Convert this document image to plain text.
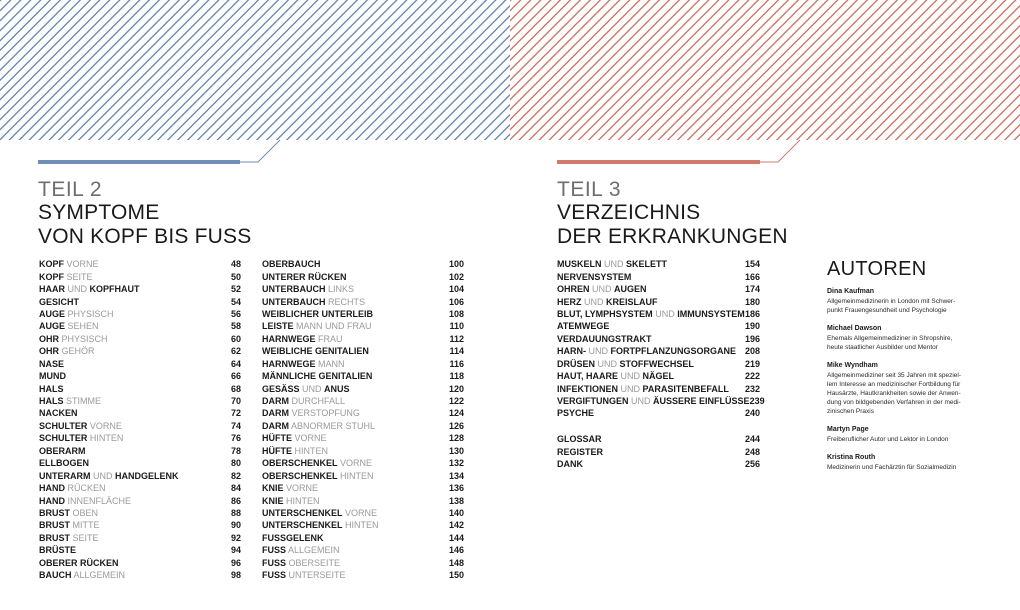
TEIL 2
SYMPTOME
VON KOPF BIS FUSS
TEIL 3
VERZEICHNIS
DER ERKRANKUNGEN
KOPF VORNE	48
KOPF SEITE	50
HAAR UND KOPFHAUT	52
GESICHT	54
AUGE PHYSISCH	56
AUGE SEHEN	58
OHR PHYSISCH	60
OHR GEHÖR	62
NASE	64
MUND	66
HALS	68
HALS STIMME	70
NACKEN	72
SCHULTER VORNE	74
SCHULTER HINTEN	76
OBERARM	78
ELLBOGEN	80
UNTERARM UND HANDGELENK	82
HAND RÜCKEN	84
HAND INNENFLÄCHE	86
BRUST OBEN	88
BRUST MITTE	90
BRUST SEITE	92
BRÜSTE	94
OBERER RÜCKEN	96
BAUCH ALLGEMEIN	98
OBERBAUCH	100
UNTERER RÜCKEN	102
UNTERBAUCH LINKS	104
UNTERBAUCH RECHTS	106
WEIBLICHER UNTERLEIB	108
LEISTE MANN UND FRAU	110
HARNWEGE FRAU	112
WEIBLICHE GENITALIEN	114
HARNWEGE MANN	116
MÄNNLICHE GENITALIEN	118
GESÄSS UND ANUS	120
DARM DURCHFALL	122
DARM VERSTOPFUNG	124
DARM ABNORMER STUHL	126
HÜFTE VORNE	128
HÜFTE HINTEN	130
OBERSCHENKEL VORNE	132
OBERSCHENKEL HINTEN	134
KNIE VORNE	136
KNIE HINTEN	138
UNTERSCHENKEL VORNE	140
UNTERSCHENKEL HINTEN	142
FUSSGELENK	144
FUSS ALLGEMEIN	146
FUSS OBERSEITE	148
FUSS UNTERSEITE	150
MUSKELN UND SKELETT	154
NERVENSYSTEM	166
OHREN UND AUGEN	174
HERZ UND KREISLAUF	180
BLUT, LYMPHSYSTEM UND IMMUNSYSTEM 186
ATEMWEGE	190
VERDAUUNGSTRAKT	196
HARN- UND FORTPFLANZUNGSORGANE 208
DRÜSEN UND STOFFWECHSEL	219
HAUT, HAARE UND NÄGEL	222
INFEKTIONEN UND PARASITENBEFALL 232
VERGIFTUNGEN UND ÄUSSERE EINFLÜSSE 239
PSYCHE	240
GLOSSAR	244
REGISTER	248
DANK	256
AUTOREN
Dina Kaufman
Allgemeinmedizinerin in London mit Schwer-
punkt Frauengesundheit und Psychologie
Michael Dawson
Ehemals Allgemeinmediziner in Shropshire,
heute staatlicher Ausbilder und Mentor
Mike Wyndham
Allgemeinmediziner seit 35 Jahren mit speziel-
lem Interesse an medizinischer Fortbildung für
Hausärzte, Hautkrankheiten sowie der Anwen-
dung von bildgebenden Verfahren in der medi-
zinischen Praxis
Martyn Page
Freiberuflicher Autor und Lektor in London
Kristina Routh
Medizinerin und Fachärztin für Sozialmedizin
